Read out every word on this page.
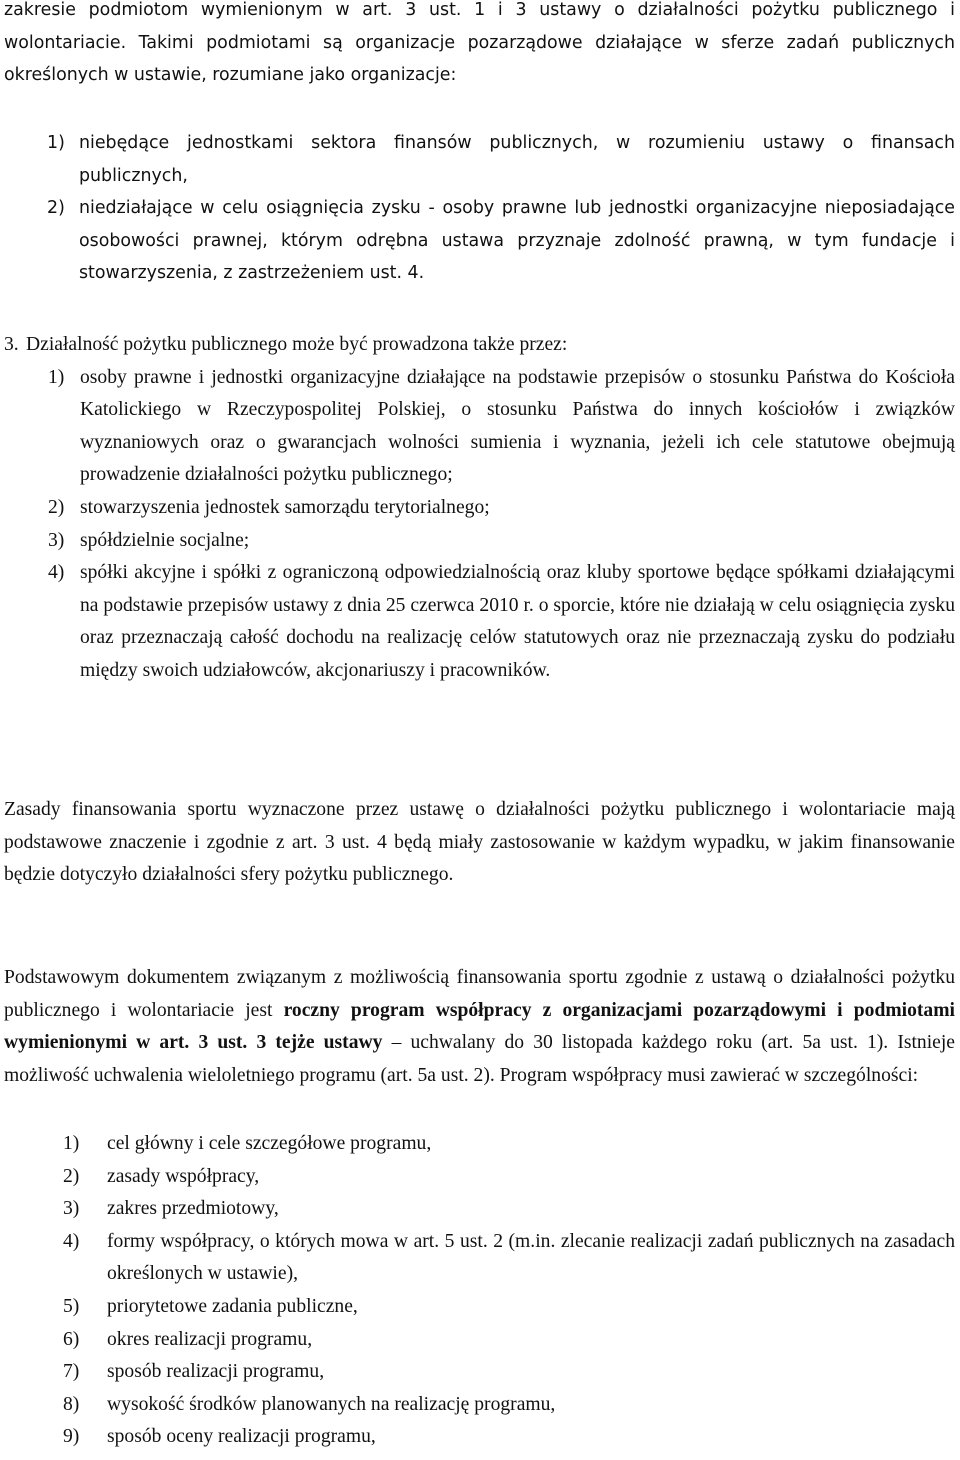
zakresie podmiotom wymienionym w art. 3 ust. 1 i 3 ustawy o działalności pożytku publicznego i wolontariacie. Takimi podmiotami są organizacje pozarządowe działające w sferze zadań publicznych określonych w ustawie, rozumiane jako organizacje:

1) niebędące jednostkami sektora finansów publicznych, w rozumieniu ustawy o finansach publicznych,
2) niedziałające w celu osiągnięcia zysku - osoby prawne lub jednostki organizacyjne nieposiadające osobowości prawnej, którym odrębna ustawa przyznaje zdolność prawną, w tym fundacje i stowarzyszenia, z zastrzeżeniem ust. 4.
3. Działalność pożytku publicznego może być prowadzona także przez:
1) osoby prawne i jednostki organizacyjne działające na podstawie przepisów o stosunku Państwa do Kościoła Katolickiego w Rzeczypospolitej Polskiej, o stosunku Państwa do innych kościołów i związków wyznaniowych oraz o gwarancjach wolności sumienia i wyznania, jeżeli ich cele statutowe obejmują prowadzenie działalności pożytku publicznego;
2) stowarzyszenia jednostek samorządu terytorialnego;
3) spółdzielnie socjalne;
4) spółki akcyjne i spółki z ograniczoną odpowiedzialnością oraz kluby sportowe będące spółkami działającymi na podstawie przepisów ustawy z dnia 25 czerwca 2010 r. o sporcie, które nie działają w celu osiągnięcia zysku oraz przeznaczają całość dochodu na realizację celów statutowych oraz nie przeznaczają zysku do podziału między swoich udziałowców, akcjonariuszy i pracowników.

Zasady finansowania sportu wyznaczone przez ustawę o działalności pożytku publicznego i wolontariacie mają podstawowe znaczenie i zgodnie z art. 3 ust. 4 będą miały zastosowanie w każdym wypadku, w jakim finansowanie będzie dotyczyło działalności sfery pożytku publicznego.

Podstawowym dokumentem związanym z możliwością finansowania sportu zgodnie z ustawą o działalności pożytku publicznego i wolontariacie jest roczny program współpracy z organizacjami pozarządowymi i podmiotami wymienionymi w art. 3 ust. 3 tejże ustawy – uchwalany do 30 listopada każdego roku (art. 5a ust. 1). Istnieje możliwość uchwalenia wieloletniego programu (art. 5a ust. 2). Program współpracy musi zawierać w szczególności:

1) cel główny i cele szczegółowe programu,
2) zasady współpracy,
3) zakres przedmiotowy,
4) formy współpracy, o których mowa w art. 5 ust. 2 (m.in. zlecanie realizacji zadań publicznych na zasadach określonych w ustawie),
5) priorytetowe zadania publiczne,
6) okres realizacji programu,
7) sposób realizacji programu,
8) wysokość środków planowanych na realizację programu,
9) sposób oceny realizacji programu,
